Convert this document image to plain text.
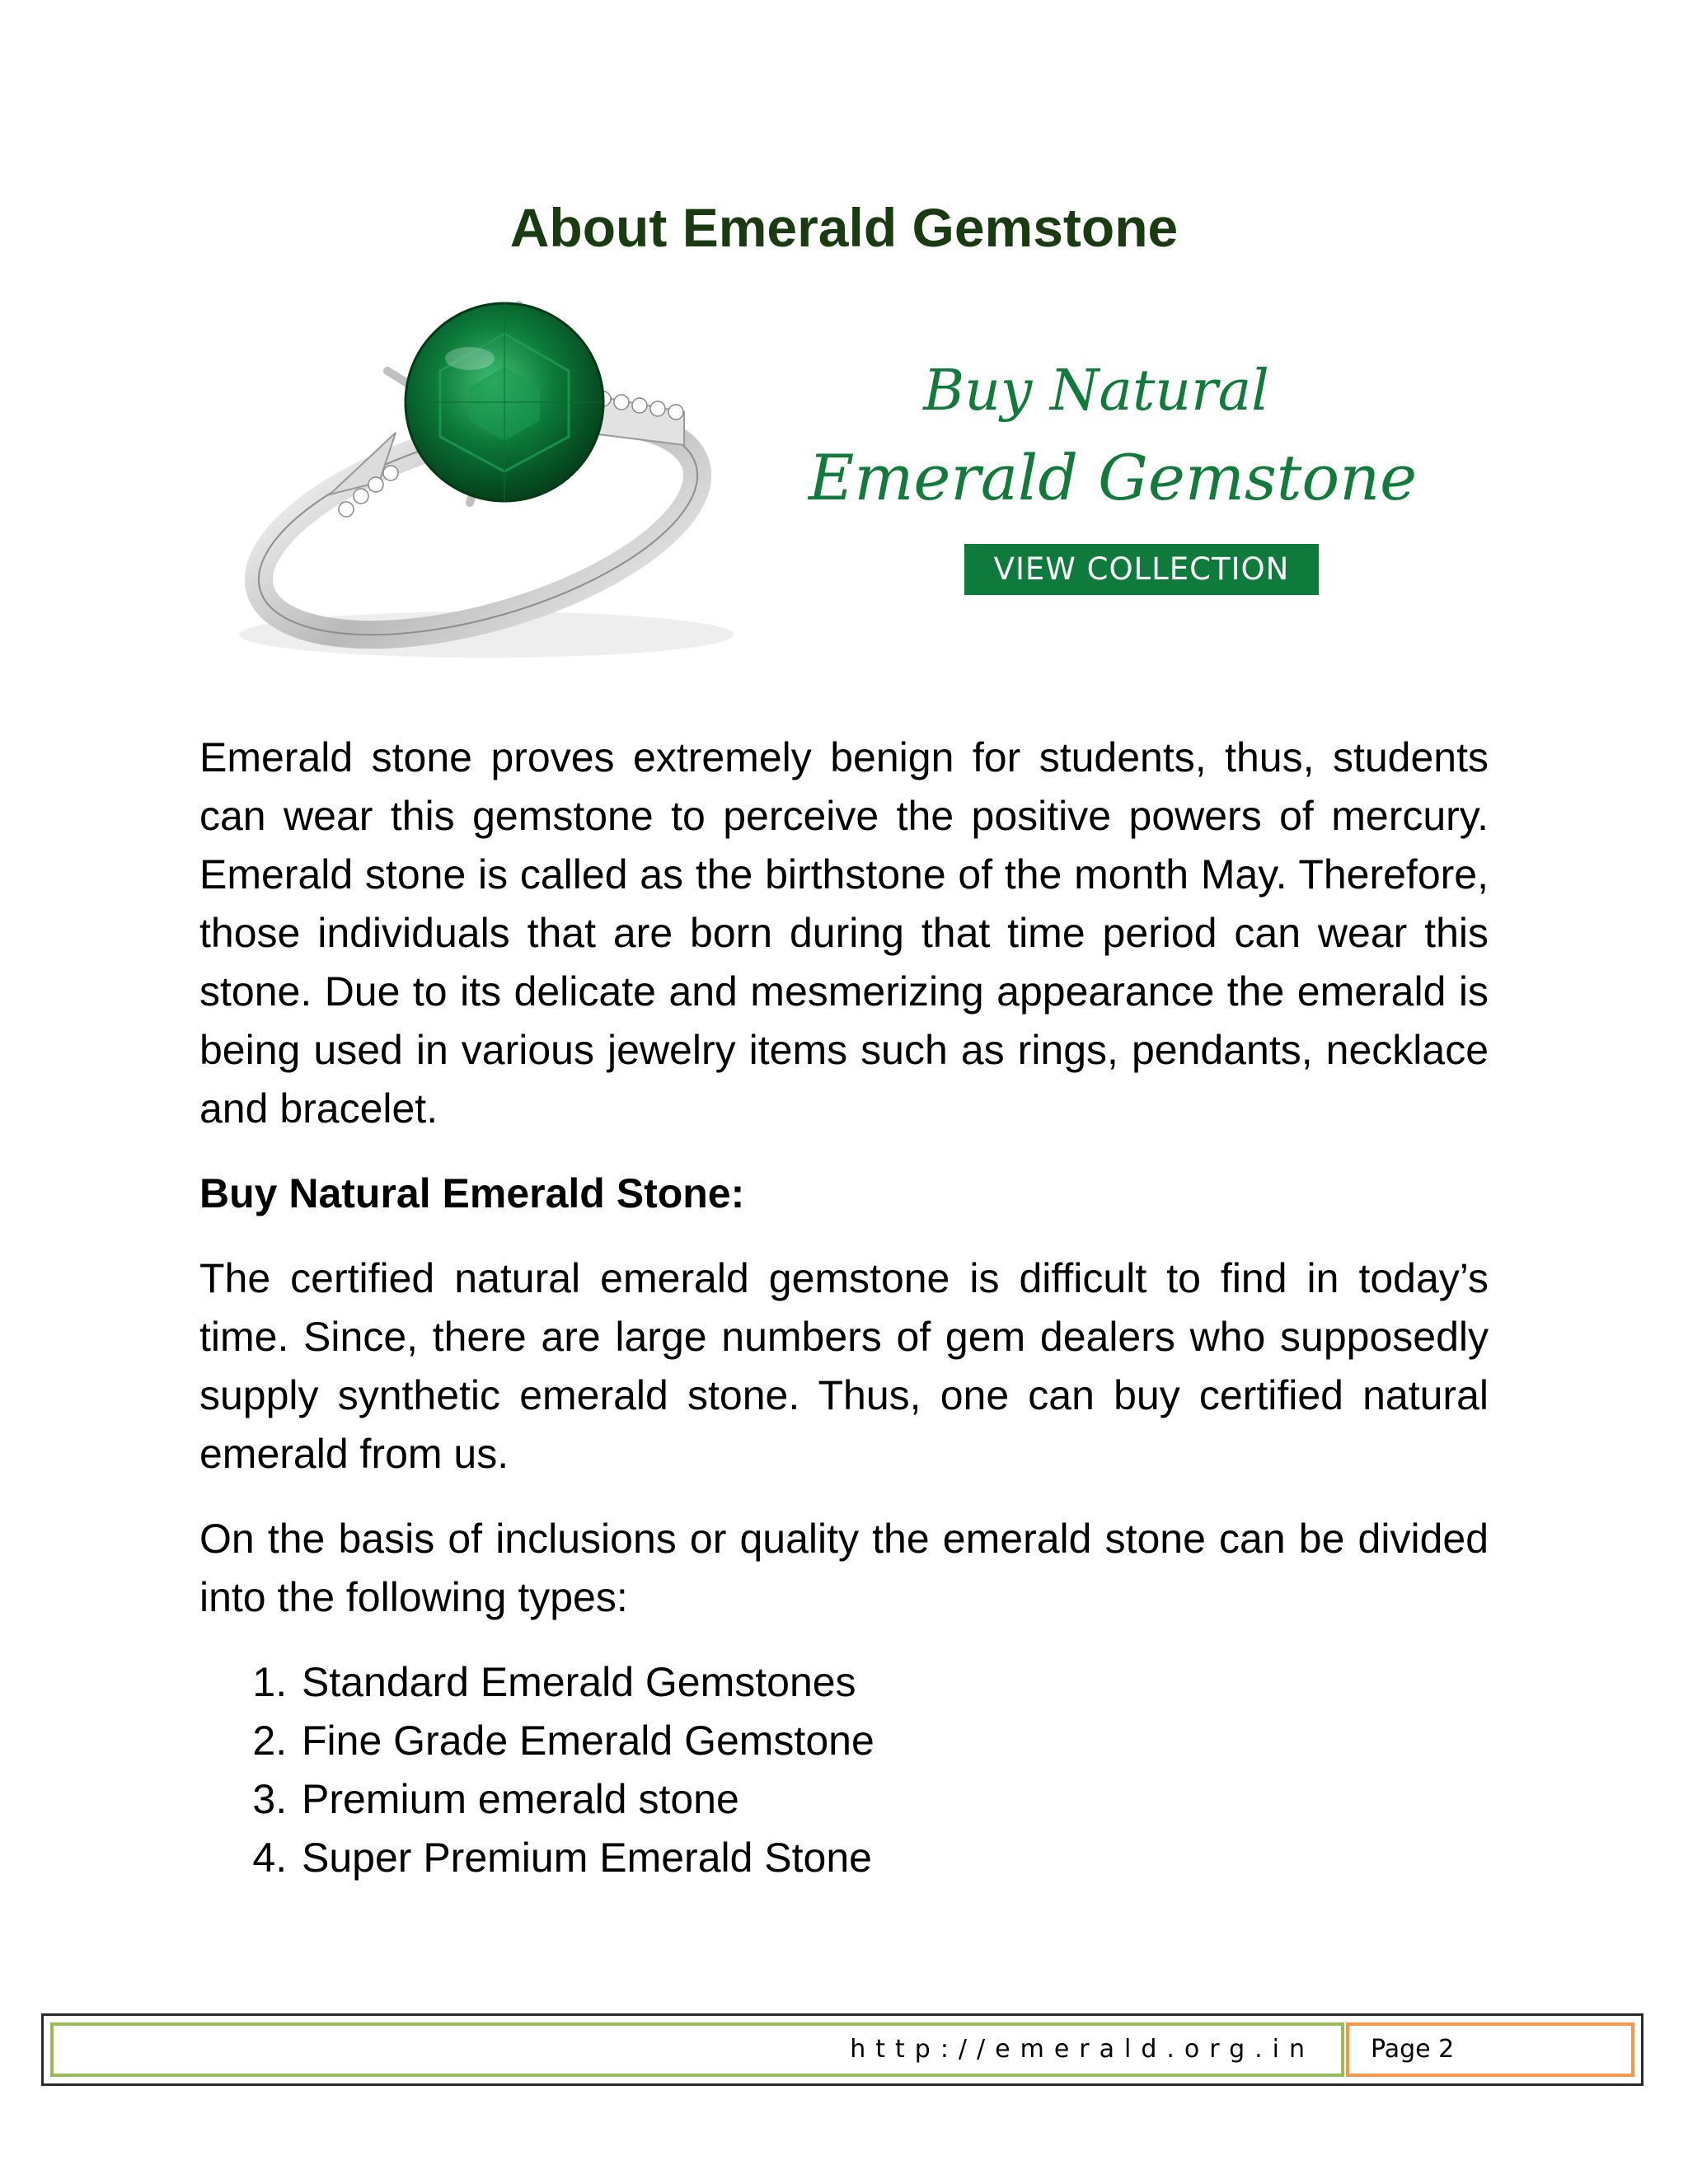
About Emerald Gemstone
Buy Natural
Emerald Gemstone
VIEW COLLECTION

Emerald stone proves extremely benign for students, thus, students can wear this gemstone to perceive the positive powers of mercury. Emerald stone is called as the birthstone of the month May. Therefore, those individuals that are born during that time period can wear this stone. Due to its delicate and mesmerizing appearance the emerald is being used in various jewelry items such as rings, pendants, necklace and bracelet.

Buy Natural Emerald Stone:

The certified natural emerald gemstone is difficult to find in today’s time. Since, there are large numbers of gem dealers who supposedly supply synthetic emerald stone. Thus, one can buy certified natural emerald from us.

On the basis of inclusions or quality the emerald stone can be divided into the following types:

1. Standard Emerald Gemstones
2. Fine Grade Emerald Gemstone
3. Premium emerald stone
4. Super Premium Emerald Stone
http://emerald.org.in Page 2
